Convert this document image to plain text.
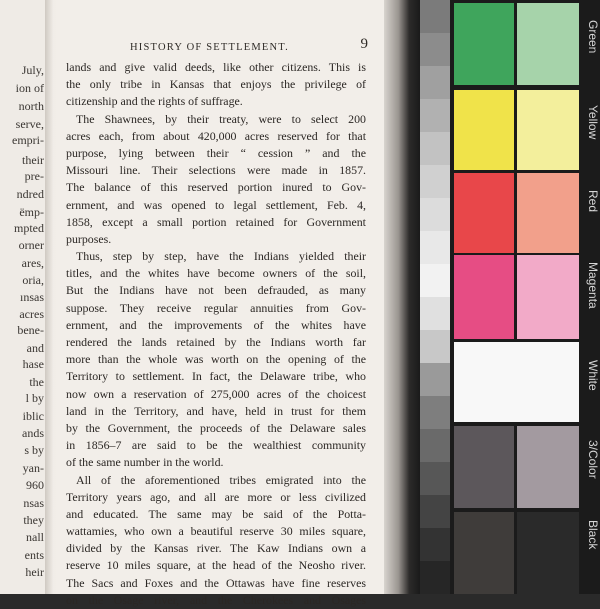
July,
ion of
north
serve,
empri-
their
pre-
ndred
ëmp-
mpted
orner
ares,
oria,
ınsas
acres
bene-
and
hase
the
l by
iblic
ands
s by
yan-
960
nsas
they
nall
ents
heir
HISTORY OF SETTLEMENT.	9
lands and give valid deeds, like other citizens. This is
the only tribe in Kansas that enjoys the privilege of
citizenship and the rights of suffrage.
The Shawnees, by their treaty, were to select 200
acres each, from about 420,000 acres reserved for that
purpose, lying between their “ cession ” and the
Missouri line. Their selections were made in 1857.
The balance of this reserved portion inured to Gov-
ernment, and was opened to legal settlement, Feb. 4,
1858, except a small portion retained for Government
purposes.
Thus, step by step, have the Indians yielded their
titles, and the whites have become owners of the soil,
But the Indians have not been defrauded, as many
suppose. They receive regular annuities from Gov-
ernment, and the improvements of the whites have
rendered the lands retained by the Indians worth far
more than the whole was worth on the opening of the
Territory to settlement. In fact, the Delaware tribe, who
now own a reservation of 275,000 acres of the choicest
land in the Territory, and have, held in trust for them
by the Government, the proceeds of the Delaware sales
in 1856–7 are said to be the wealthiest community
of the same number in the world.
All of the aforementioned tribes emigrated into the
Territory years ago, and all are more or less civilized
and educated. The same may be said of the Potta-
wattamies, who own a beautiful reserve 30 miles square,
divided by the Kansas river. The Kaw Indians own a
reserve 10 miles square, at the head of the Neosho river.
The Sacs and Foxes and the Ottawas have fine reserves
on the Osage river, and the Cherokees and Osages
Green
Yellow
Red
Magenta
White
3/Color
Black
